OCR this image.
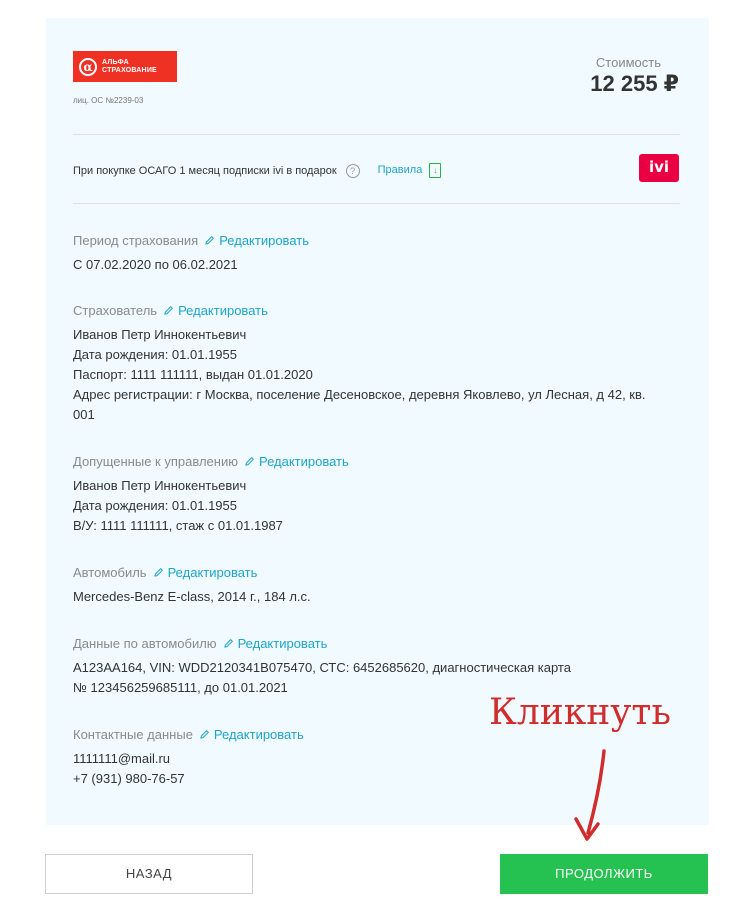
α	АЛЬФА
СТРАХОВАНИЕ
лиц. ОС №2239-03
Стоимость
12 255 ₽
При покупке ОСАГО 1 месяц подписки ivi в подарок	?	Правила ↓	ivi
Период страхования Редактировать
С 07.02.2020 по 06.02.2021
Страхователь Редактировать
Иванов Петр Иннокентьевич
Дата рождения: 01.01.1955
Паспорт: 1111 111111, выдан 01.01.2020
Адрес регистрации: г Москва, поселение Десеновское, деревня Яковлево, ул Лесная, д 42, кв.
001
Допущенные к управлению Редактировать
Иванов Петр Иннокентьевич
Дата рождения: 01.01.1955
В/У: 1111 111111, стаж с 01.01.1987
Автомобиль Редактировать
Mercedes-Benz E-class, 2014 г., 184 л.с.
Данные по автомобилю Редактировать
А123АА164, VIN: WDD2120341B075470, СТС: 6452685620, диагностическая карта
№ 123456259685111, до 01.01.2021
Контактные данные Редактировать
1111111@mail.ru
+7 (931) 980-76-57
Кликнуть
НАЗАД	ПРОДОЛЖИТЬ
